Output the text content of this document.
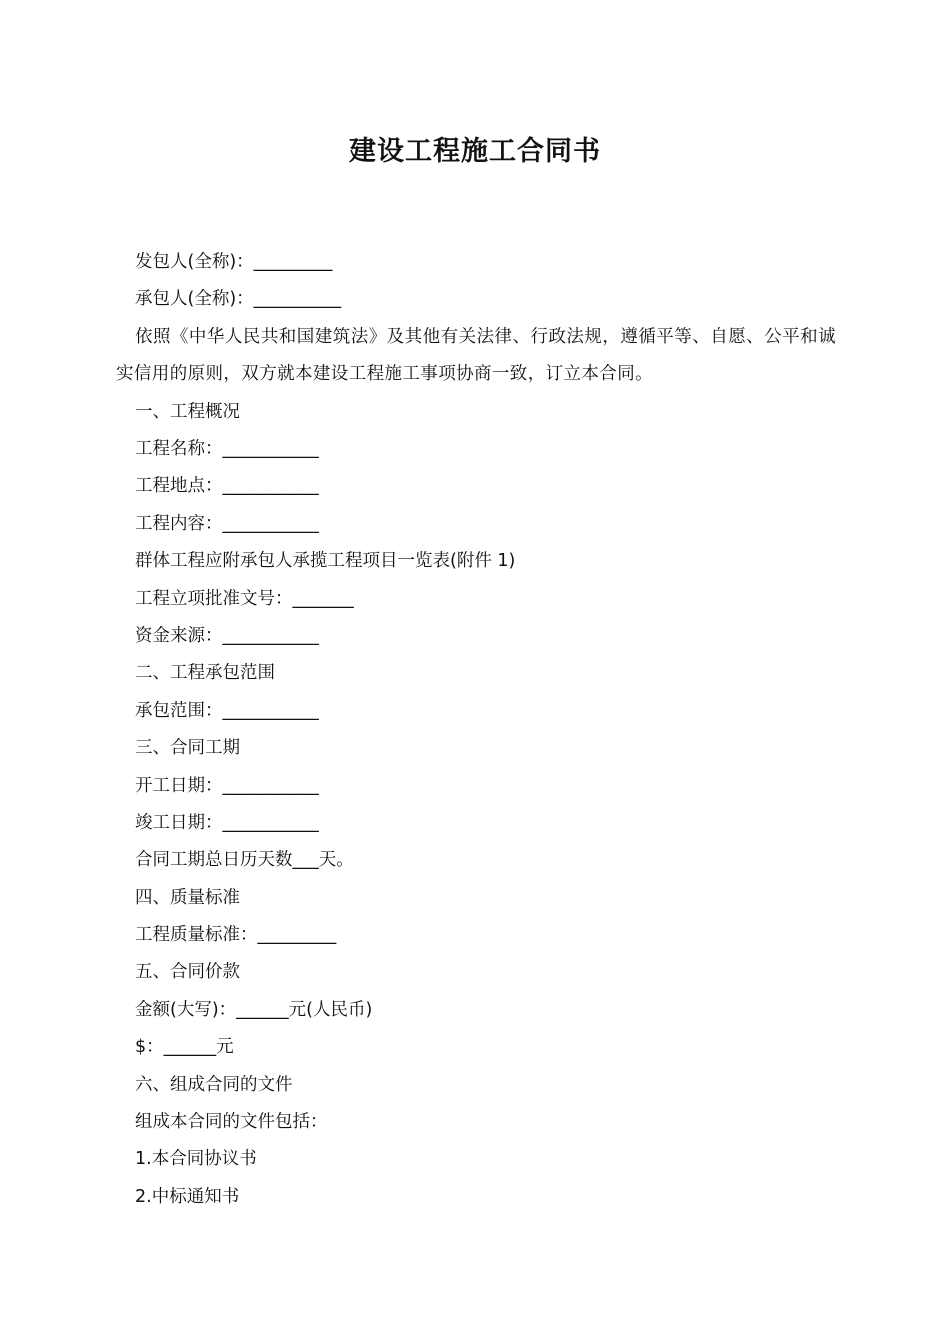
建设工程施工合同书
发包人(全称)：_________
承包人(全称)：__________
依照《中华人民共和国建筑法》及其他有关法律、行政法规，遵循平等、自愿、公平和诚实信用的原则，双方就本建设工程施工事项协商一致，订立本合同。
一、工程概况
工程名称：___________
工程地点：___________
工程内容：___________
群体工程应附承包人承揽工程项目一览表(附件 1)
工程立项批准文号：_______
资金来源：___________
二、工程承包范围
承包范围：___________
三、合同工期
开工日期：___________
竣工日期：___________
合同工期总日历天数___天。
四、质量标准
工程质量标准：_________
五、合同价款
金额(大写)：______元(人民币)
$：______元
六、组成合同的文件
组成本合同的文件包括：
1.本合同协议书
2.中标通知书
